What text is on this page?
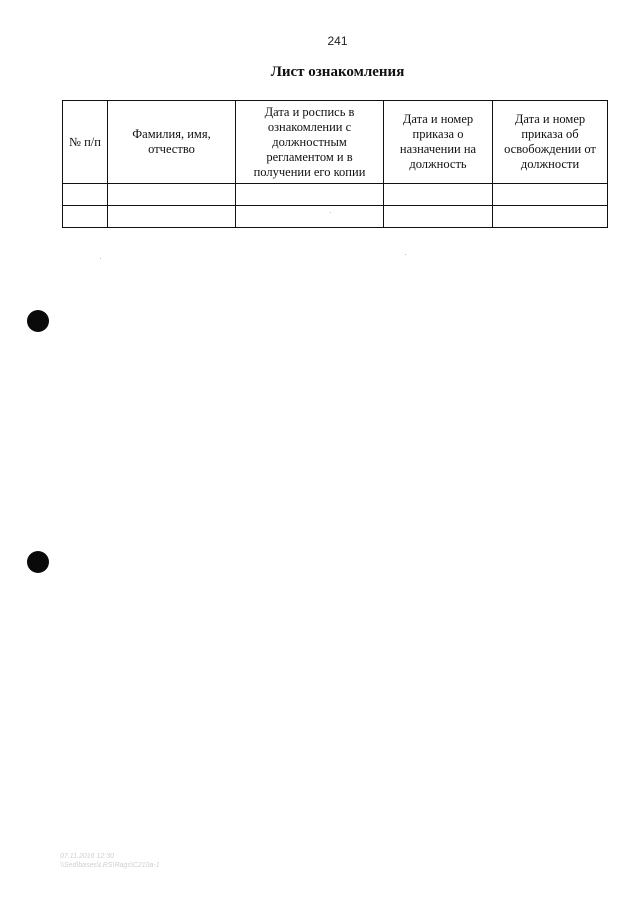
241
Лист ознакомления
№ п/п	Фамилия, имя, отчество	Дата и роспись в ознакомлении с должностным регламентом и в получении его копии	Дата и номер приказа о назначении на должность	Дата и номер приказа об освобождении от должности

07.11.2016 12:30
\\Sed\bases\LRS\Rags\C210a-1
